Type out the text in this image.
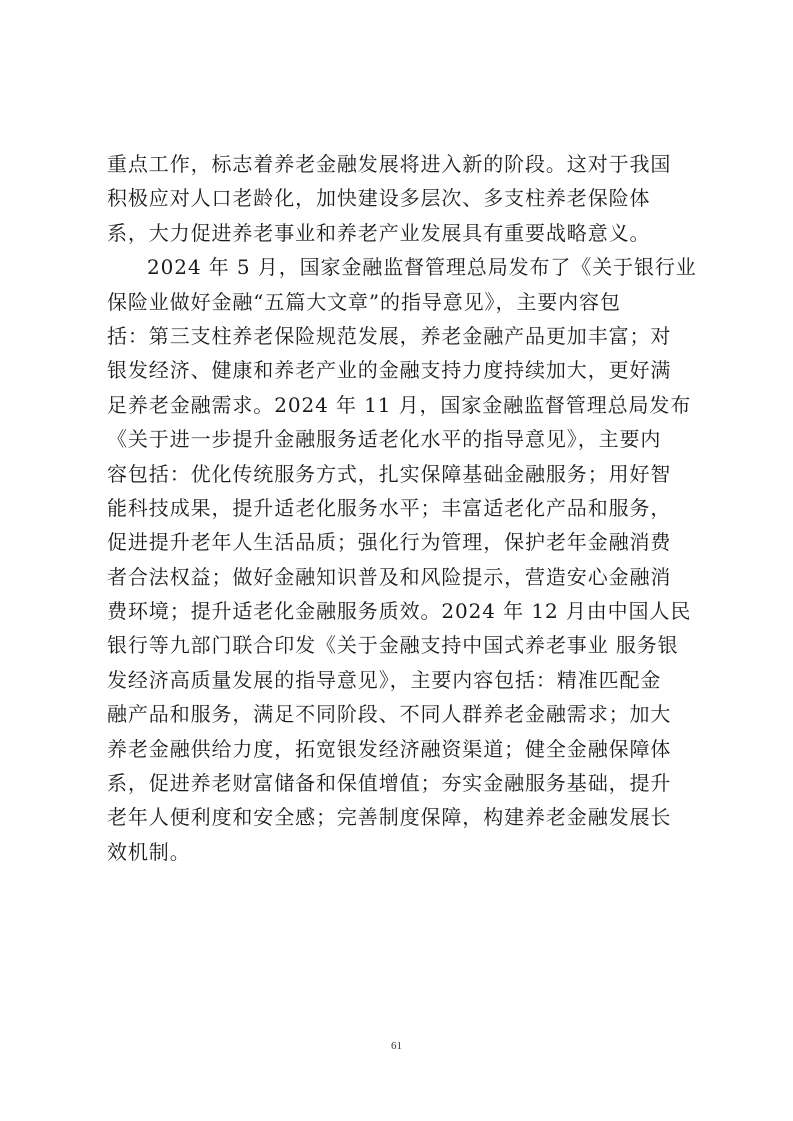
重点工作，标志着养老金融发展将进入新的阶段。这对于我国
积极应对人口老龄化，加快建设多层次、多支柱养老保险体
系，大力促进养老事业和养老产业发展具有重要战略意义。
2024 年 5 月，国家金融监督管理总局发布了《关于银行业
保险业做好金融“五篇大文章”的指导意见》，主要内容包
括：第三支柱养老保险规范发展，养老金融产品更加丰富；对
银发经济、健康和养老产业的金融支持力度持续加大，更好满
足养老金融需求。2024 年 11 月，国家金融监督管理总局发布
《关于进一步提升金融服务适老化水平的指导意见》，主要内
容包括：优化传统服务方式，扎实保障基础金融服务；用好智
能科技成果，提升适老化服务水平；丰富适老化产品和服务，
促进提升老年人生活品质；强化行为管理，保护老年金融消费
者合法权益；做好金融知识普及和风险提示，营造安心金融消
费环境；提升适老化金融服务质效。2024 年 12 月由中国人民
银行等九部门联合印发《关于金融支持中国式养老事业 服务银
发经济高质量发展的指导意见》，主要内容包括：精准匹配金
融产品和服务，满足不同阶段、不同人群养老金融需求；加大
养老金融供给力度，拓宽银发经济融资渠道；健全金融保障体
系，促进养老财富储备和保值增值；夯实金融服务基础，提升
老年人便利度和安全感；完善制度保障，构建养老金融发展长
效机制。
61
